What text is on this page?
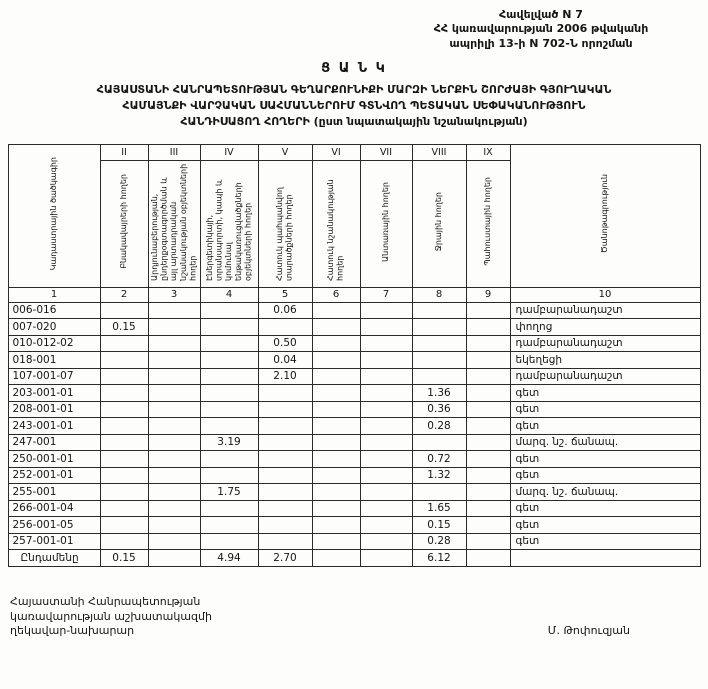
Հավելված N 7
ՀՀ կառավարության 2006 թվականի
ապրիլի 13-ի N 702-Ն որոշման
Ց Ա Ն Կ
ՀԱՅԱՍՏԱՆԻ ՀԱՆՐԱՊԵՏՈՒԹՅԱՆ ԳԵՂԱՐՔՈՒՆԻՔԻ ՄԱՐԶԻ ՆԵՐՔԻՆ ՇՈՐԺԱՅԻ ԳՅՈՒՂԱԿԱՆ
ՀԱՄԱՅՆՔԻ ՎԱՐՉԱԿԱՆ ՍԱՀՄԱՆՆԵՐՈՒՄ ԳՏՆՎՈՂ ՊԵՏԱԿԱՆ ՍԵՓԱԿԱՆՈՒԹՅՈՒՆ
ՀԱՆԴԻՍԱՑՈՂ ՀՈՂԵՐԻ (ըստ նպատակային նշանակության)
Կադաստրային ծածկագիր	II	III	IV	V	VI	VII	VIII	IX	Ծանոթագրություն
	Բնակավայրերի հողեր	Արդյունաբերության, ընդերքօգտագործման և այլ արտադրական նշանակության օբյեկտների հողեր	Էներգետիկայի, տրանսպորտի, կապի և կոմունալ ենթակառուցվածքների օբյեկտների հողեր	Հատուկ պահպանվող տարածքների հողեր	Հատուկ նշանակության հողեր	Անտառային հողեր	Ջրային հողեր	Պահուստային հողեր	
1	2	3	4	5	6	7	8	9	10
006-016				0.06					դամբարանադաշտ
007-020	0.15								փողոց
010-012-02				0.50					դամբարանադաշտ
018-001				0.04					եկեղեցի
107-001-07				2.10					դամբարանադաշտ
203-001-01							1.36		գետ
208-001-01							0.36		գետ
243-001-01							0.28		գետ
247-001			3.19						մարզ. նշ. ճանապ.
250-001-01							0.72		գետ
252-001-01							1.32		գետ
255-001			1.75						մարզ. նշ. ճանապ.
266-001-04							1.65		գետ
256-001-05							0.15		գետ
257-001-01							0.28		գետ
Ընդամենը	0.15		4.94	2.70			6.12		
Հայաստանի Հանրապետության
կառավարության աշխատակազմի
ղեկավար-նախարար	Մ. Թոփուզյան
